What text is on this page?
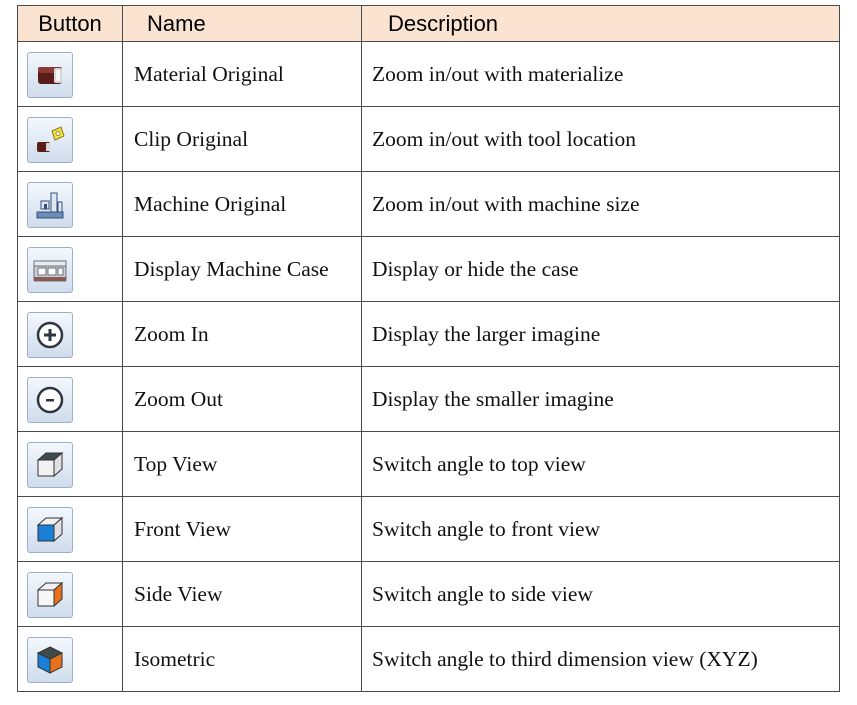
Button	Name	Description

	Material Original	Zoom in/out with materialize

	Clip Original	Zoom in/out with tool location

	Machine Original	Zoom in/out with machine size

	Display Machine Case	Display or hide the case

	Zoom In	Display the larger imagine

	Zoom Out	Display the smaller imagine

	Top View	Switch angle to top view

	Front View	Switch angle to front view

	Side View	Switch angle to side view

	Isometric	Switch angle to third dimension view (XYZ)
